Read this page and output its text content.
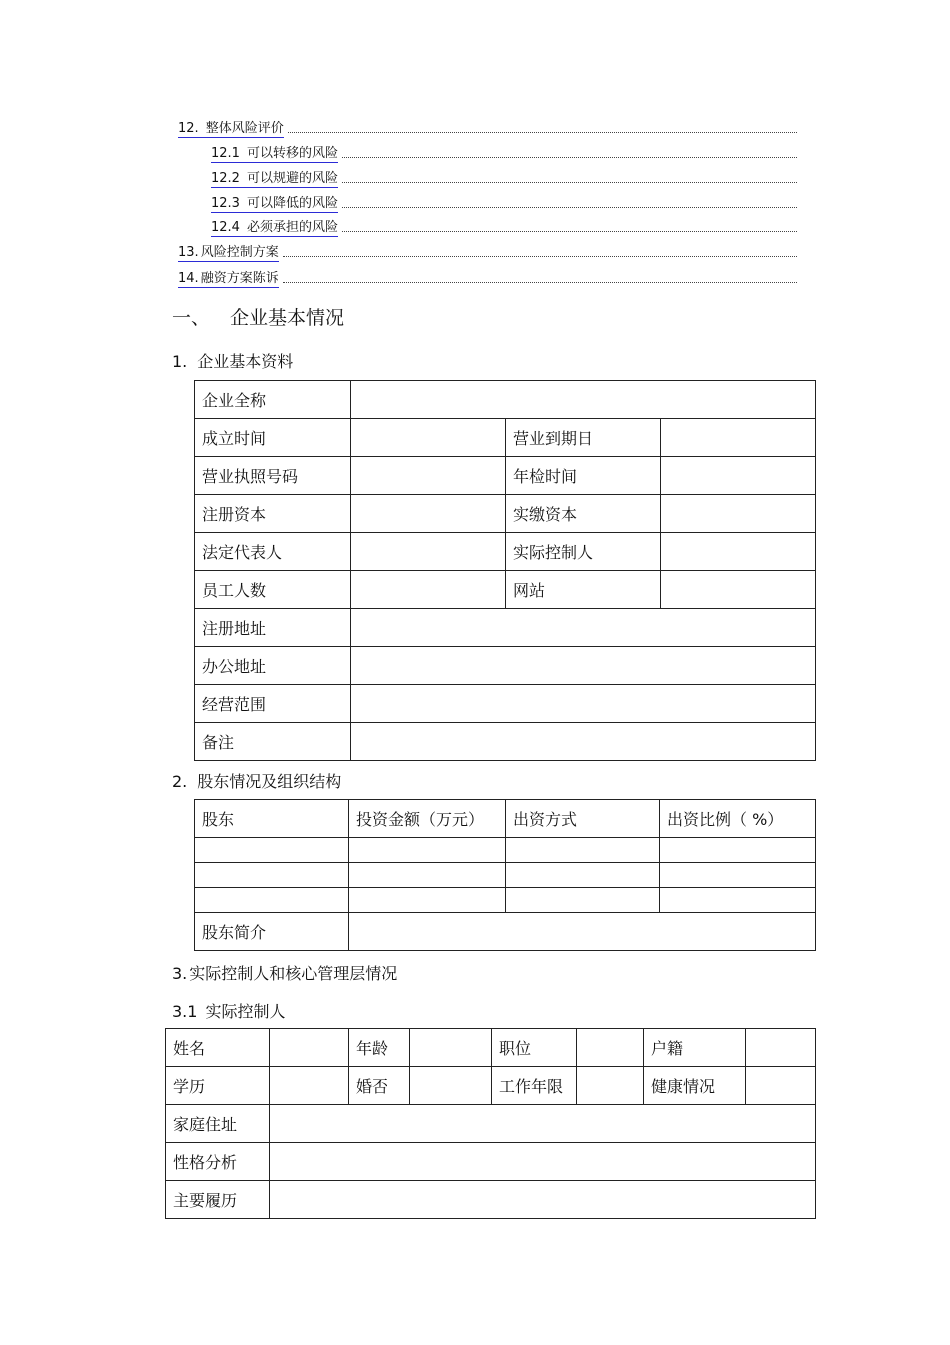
12. 整体风险评价
12.1 可以转移的风险
12.2 可以规避的风险
12.3 可以降低的风险
12.4 必须承担的风险
13. 风险控制方案
14. 融资方案陈诉
一、 企业基本情况
1. 企业基本资料
企业全称			
成立时间		营业到期日	
营业执照号码		年检时间	
注册资本		实缴资本	
法定代表人		实际控制人	
员工人数		网站	
注册地址			
办公地址			
经营范围			
备注			
2. 股东情况及组织结构
股东	投资金额（万元）	出资方式	出资比例（ %）

股东简介			
3. 实际控制人和核心管理层情况
3.1 实际控制人
姓名		年龄		职位		户籍	
学历		婚否		工作年限		健康情况	
家庭住址							
性格分析							
主要履历							
